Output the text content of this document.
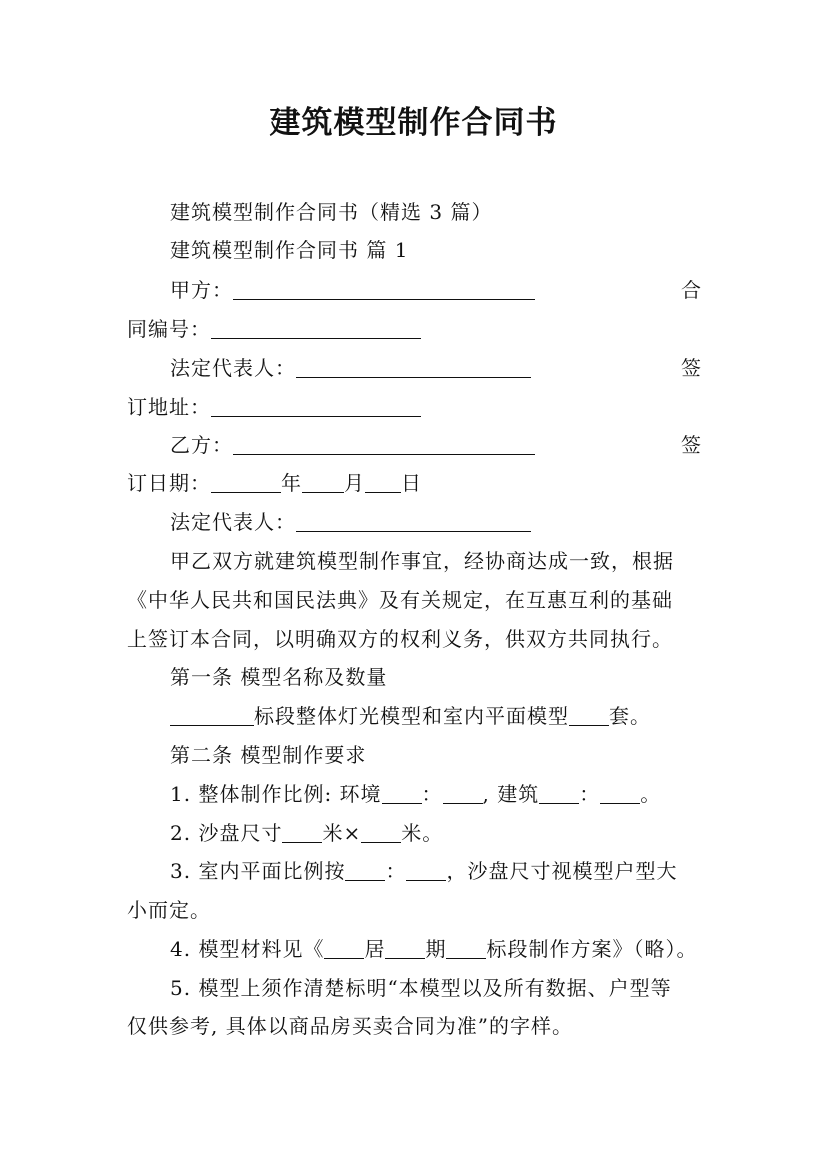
建筑模型制作合同书
建筑模型制作合同书（精选 3 篇）
建筑模型制作合同书 篇 1
甲方：	合
同编号：
法定代表人：	签
订地址：
乙方：	签
订日期：	年 月 日
法定代表人：
甲乙双方就建筑模型制作事宜，经协商达成一致，根据
《中华人民共和国民法典》及有关规定，在互惠互利的基础
上签订本合同，以明确双方的权利义务，供双方共同执行。
第一条 模型名称及数量
标段整体灯光模型和室内平面模型 套。
第二条 模型制作要求
1. 整体制作比例: 环境 ： , 建筑 ： 。
2. 沙盘尺寸 米× 米。
3. 室内平面比例按 ： ，沙盘尺寸视模型户型大
小而定。
4. 模型材料见《 居 期 标段制作方案》（略）。
5. 模型上须作清楚标明“本模型以及所有数据、户型等
仅供参考, 具体以商品房买卖合同为准”的字样。
